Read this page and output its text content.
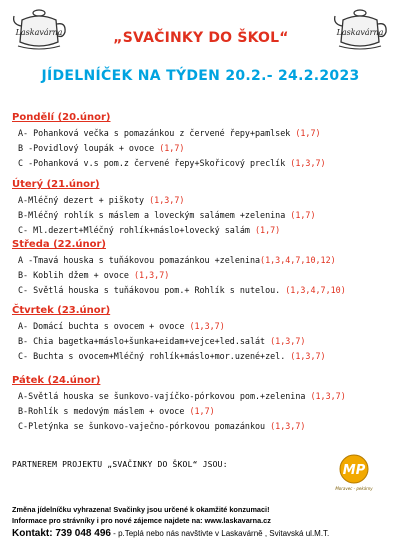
Laskavárna	Laskavárna
„SVAČINKY DO ŠKOL“
JÍDELNÍČEK NA TÝDEN 20.2.- 24.2.2023
Pondělí (20.únor)
A- Pohanková večka s pomazánkou z červené řepy+pamlsek (1,7)
B -Povidlový loupák + ovoce (1,7)
C -Pohanková v.s pom.z červené řepy+Skořicový preclík (1,3,7)
Úterý (21.únor)
A-Mléčný dezert + piškoty (1,3,7)
B-Mléčný rohlík s máslem a loveckým salámem +zelenina (1,7)
C- Ml.dezert+Mléčný rohlík+máslo+lovecký salám (1,7)
Středa (22.únor)
A -Tmavá houska s tuňákovou pomazánkou +zelenina(1,3,4,7,10,12)
B- Koblih džem + ovoce (1,3,7)
C- Světlá houska s tuňákovou pom.+ Rohlík s nutelou. (1,3,4,7,10)
Čtvrtek (23.únor)
A- Domácí buchta s ovocem + ovoce (1,3,7)
B- Chia bagetka+máslo+šunka+eidam+vejce+led.salát (1,3,7)
C- Buchta s ovocem+Mléčný rohlík+máslo+mor.uzené+zel. (1,3,7)
Pátek (24.únor)
A-Světlá houska se šunkovo-vajíčko-pórkovou pom.+zelenina (1,3,7)
B-Rohlík s medovým máslem + ovoce (1,7)
C-Pletýnka se šunkovo-vaječno-pórkovou pomazánkou (1,3,7)
PARTNEREM PROJEKTU „SVAČINKY DO ŠKOL“ JSOU:	MP
Moravec - pekárny
Změna jídelníčku vyhrazena! Svačinky jsou určené k okamžité konzumaci!
Informace pro strávníky i pro nové zájemce najdete na: www.laskavarna.cz
Kontakt: 739 048 496 - p.Teplá nebo nás navštivte v Laskavárně , Svitavská ul.M.T.
